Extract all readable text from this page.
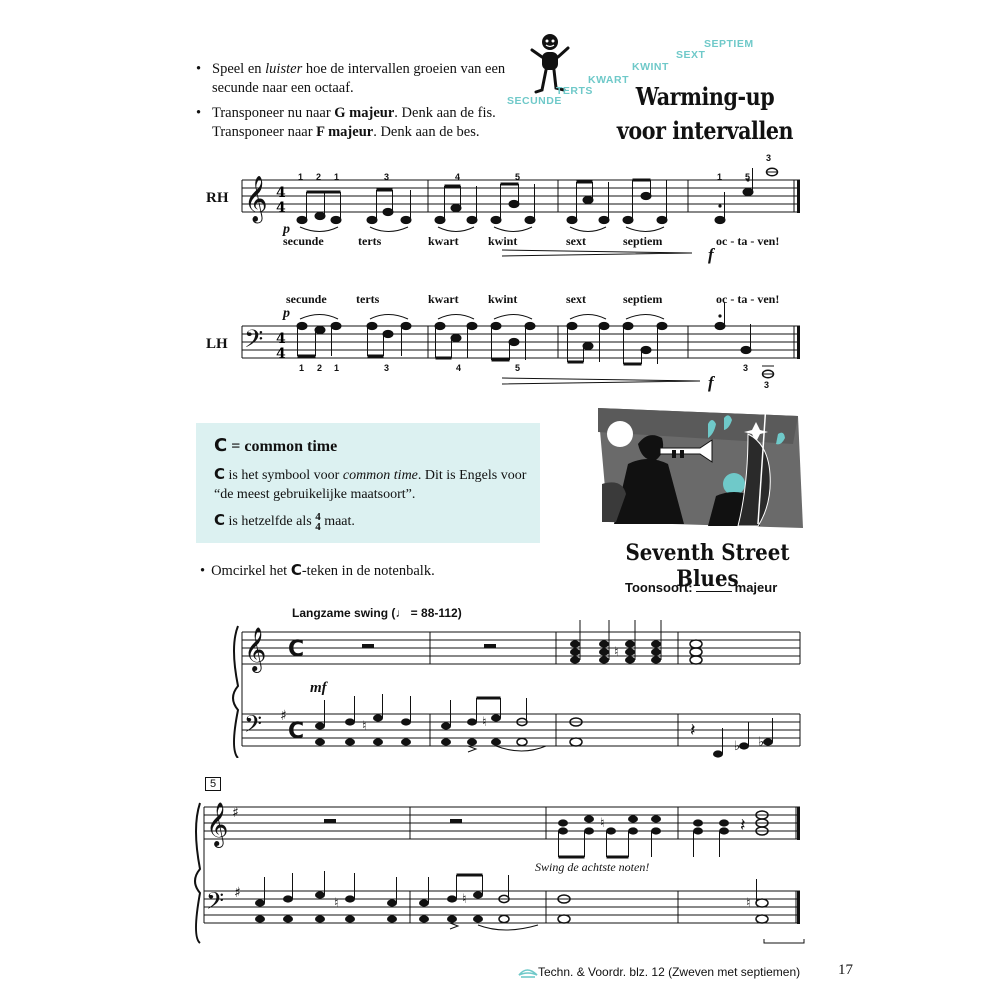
• Speel en luister hoe de intervallen groeien van een secunde naar een octaaf.
• Transponeer nu naar G majeur. Denk aan de fis.
Transponeer naar F majeur. Denk aan de bes.
SECUNDE
TERTS
KWART
KWINT
SEXT
SEPTIEM
Warming-up
voor intervallen
RH 𝄞 4
4
1 2 1	3	4	5	1	5
3
p
f
secunde	terts	kwart kwint	sext	septiem	oc - ta - ven!
secunde terts	kwart kwint	sext	septiem	oc - ta - ven!
p
LH 𝄢 4
4
1 2 1	3	4	5	3
3
f
C = common time
C is het symbool voor common time. Dit is Engels voor “de meest gebruikelijke maatsoort”.
C is hetzelfde als 4
4 maat.
Seventh Street Blues
Toonsoort:	majeur
• Omcirkel het C-teken in de notenbalk.
Langzame swing (♩ = 88-112)
𝄞
𝄢 ♯
C
C	♮	♮
♮
♭ ♭
𝄽
mf
5
𝄞
𝄢
♯
♯
♮	♮
♮
♮
𝄽
Swing de achtste noten!
Techn. & Voordr. blz. 12 (Zweven met septiemen)	17
